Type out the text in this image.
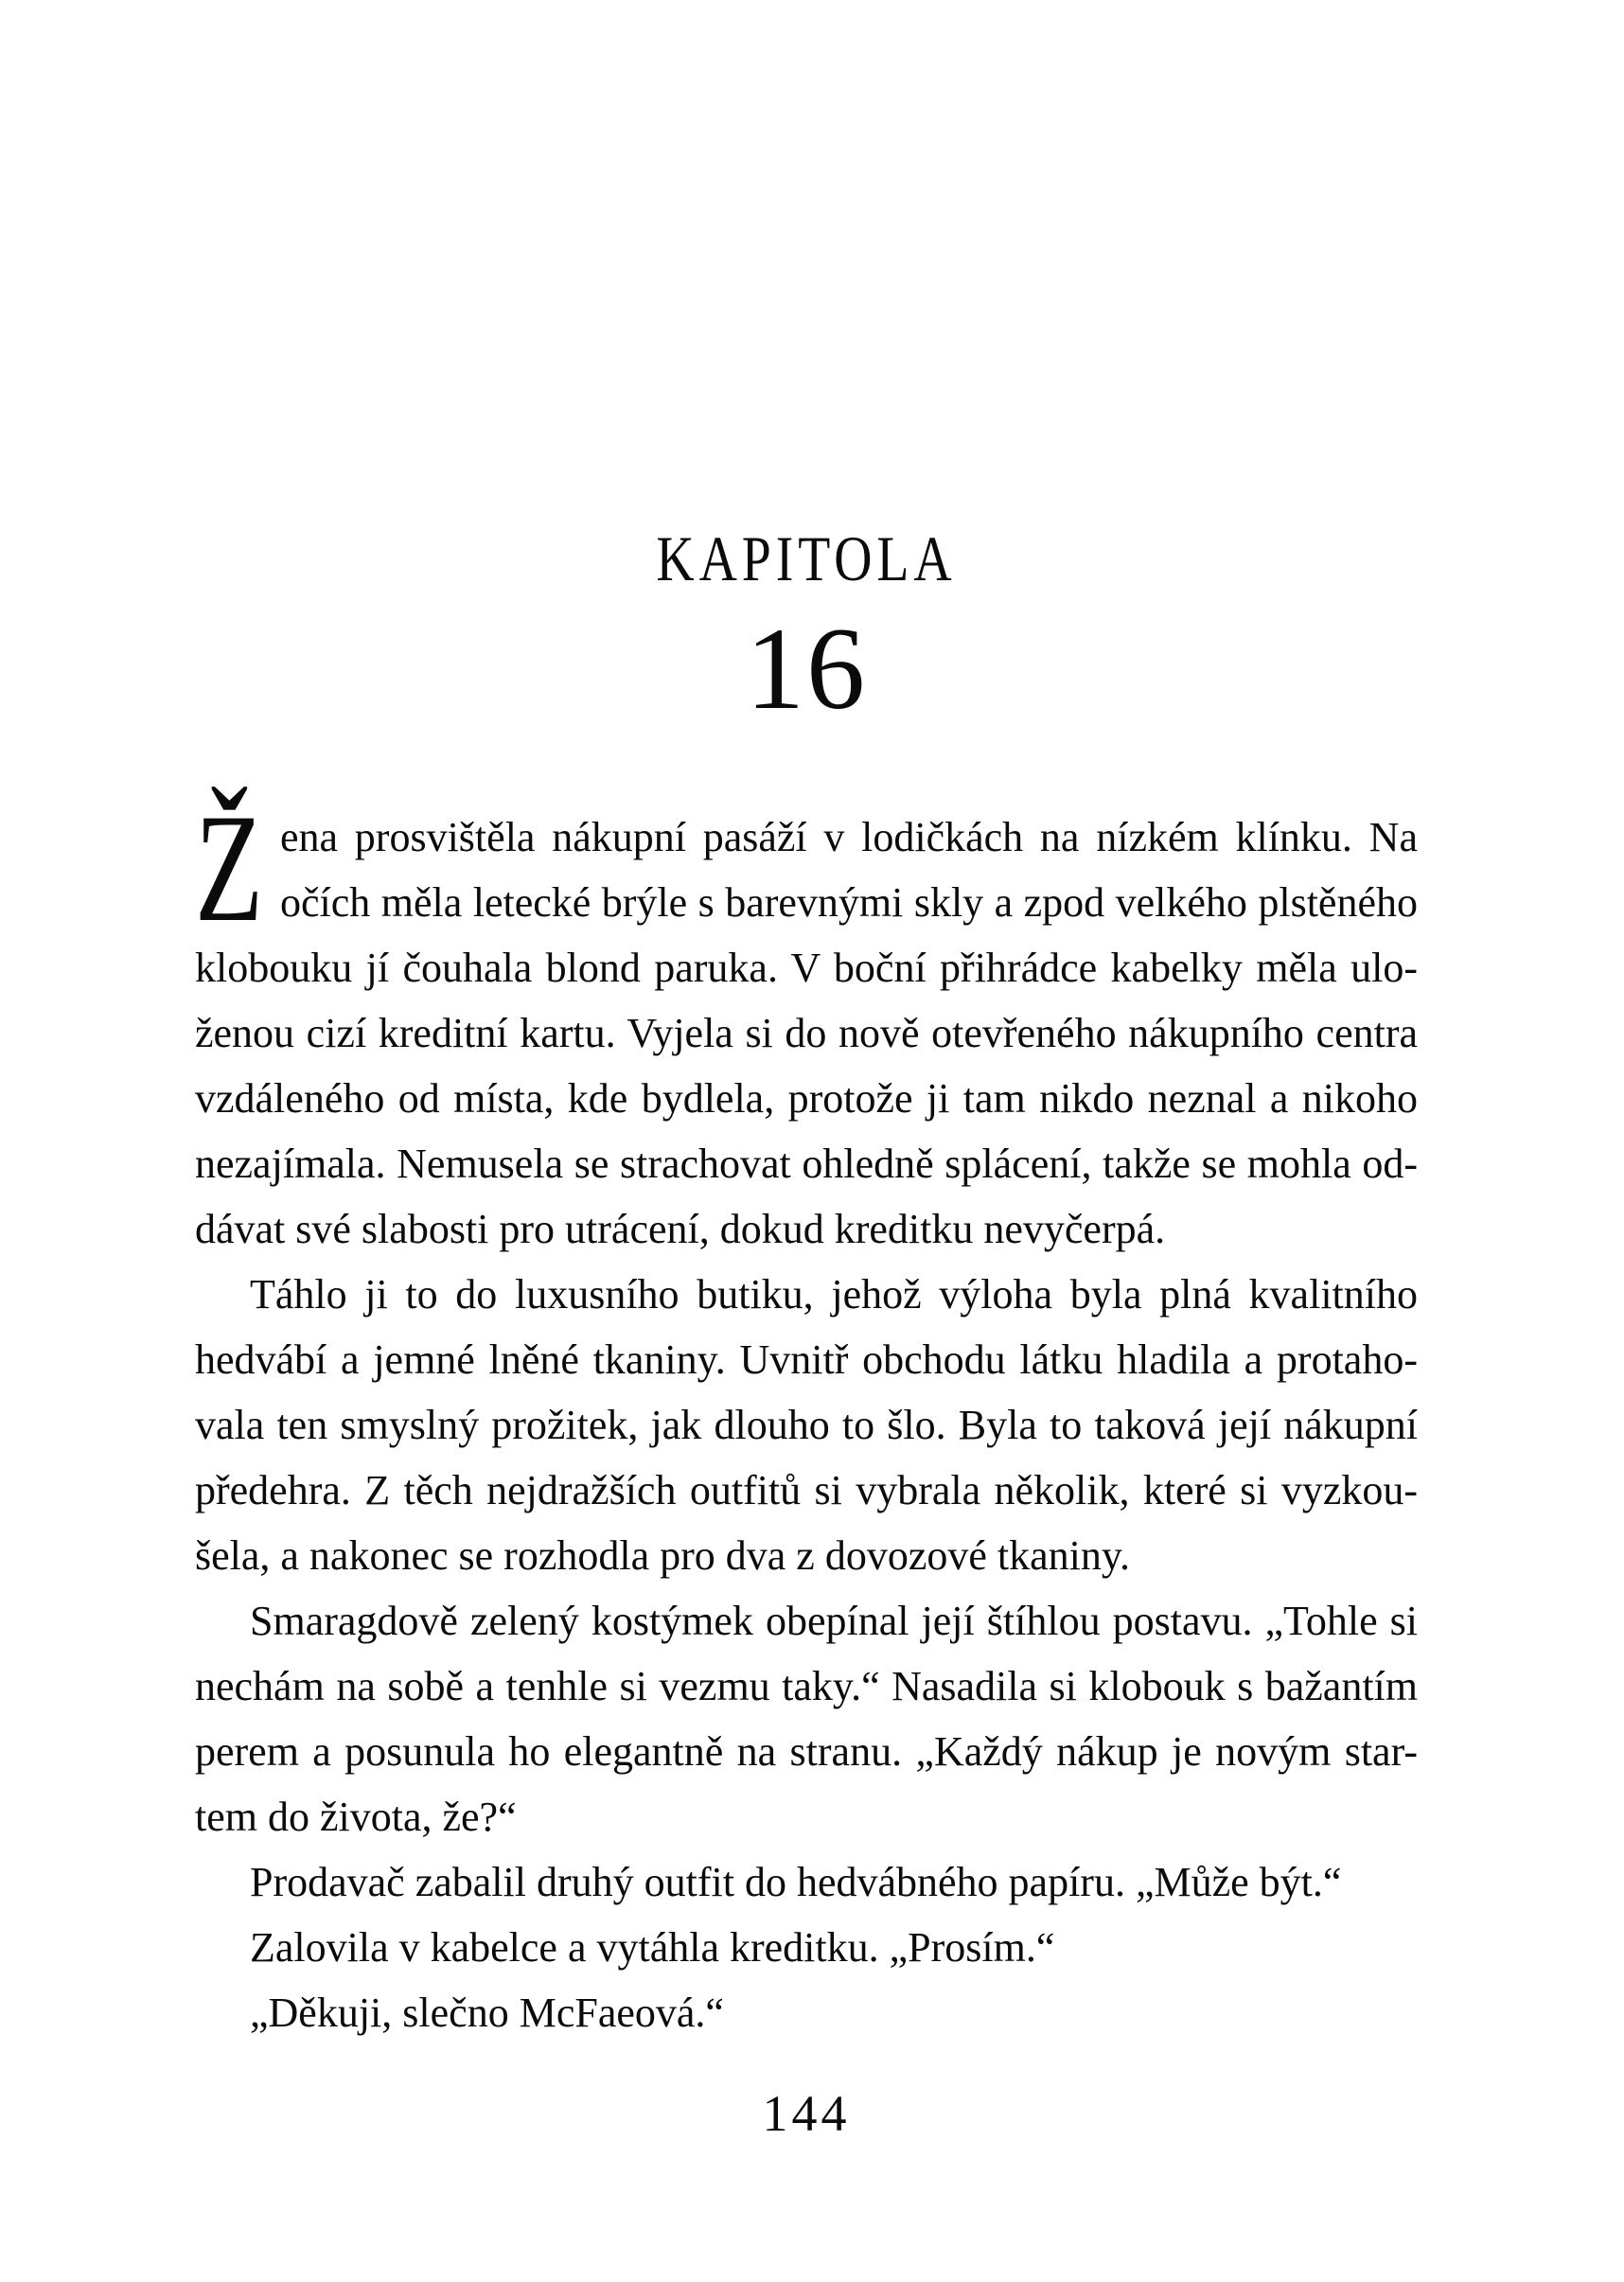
KAPITOLA
16
Ž ena prosvištěla nákupní pasáží v lodičkách na nízkém klínku. Na
očích měla letecké brýle s barevnými skly a zpod velkého plstěného
klobouku jí čouhala blond paruka. V boční přihrádce kabelky měla ulo-
ženou cizí kreditní kartu. Vyjela si do nově otevřeného nákupního centra
vzdáleného od místa, kde bydlela, protože ji tam nikdo neznal a nikoho
nezajímala. Nemusela se strachovat ohledně splácení, takže se mohla od-
dávat své slabosti pro utrácení, dokud kreditku nevyčerpá.
Táhlo ji to do luxusního butiku, jehož výloha byla plná kvalitního
hedvábí a jemné lněné tkaniny. Uvnitř obchodu látku hladila a protaho-
vala ten smyslný prožitek, jak dlouho to šlo. Byla to taková její nákupní
předehra. Z těch nejdražších outfitů si vybrala několik, které si vyzkou-
šela, a nakonec se rozhodla pro dva z dovozové tkaniny.
Smaragdově zelený kostýmek obepínal její štíhlou postavu. „Tohle si
nechám na sobě a tenhle si vezmu taky.“ Nasadila si klobouk s bažantím
perem a posunula ho elegantně na stranu. „Každý nákup je novým star-
tem do života, že?“
Prodavač zabalil druhý outfit do hedvábného papíru. „Může být.“
Zalovila v kabelce a vytáhla kreditku. „Prosím.“
„Děkuji, slečno McFaeová.“
144
